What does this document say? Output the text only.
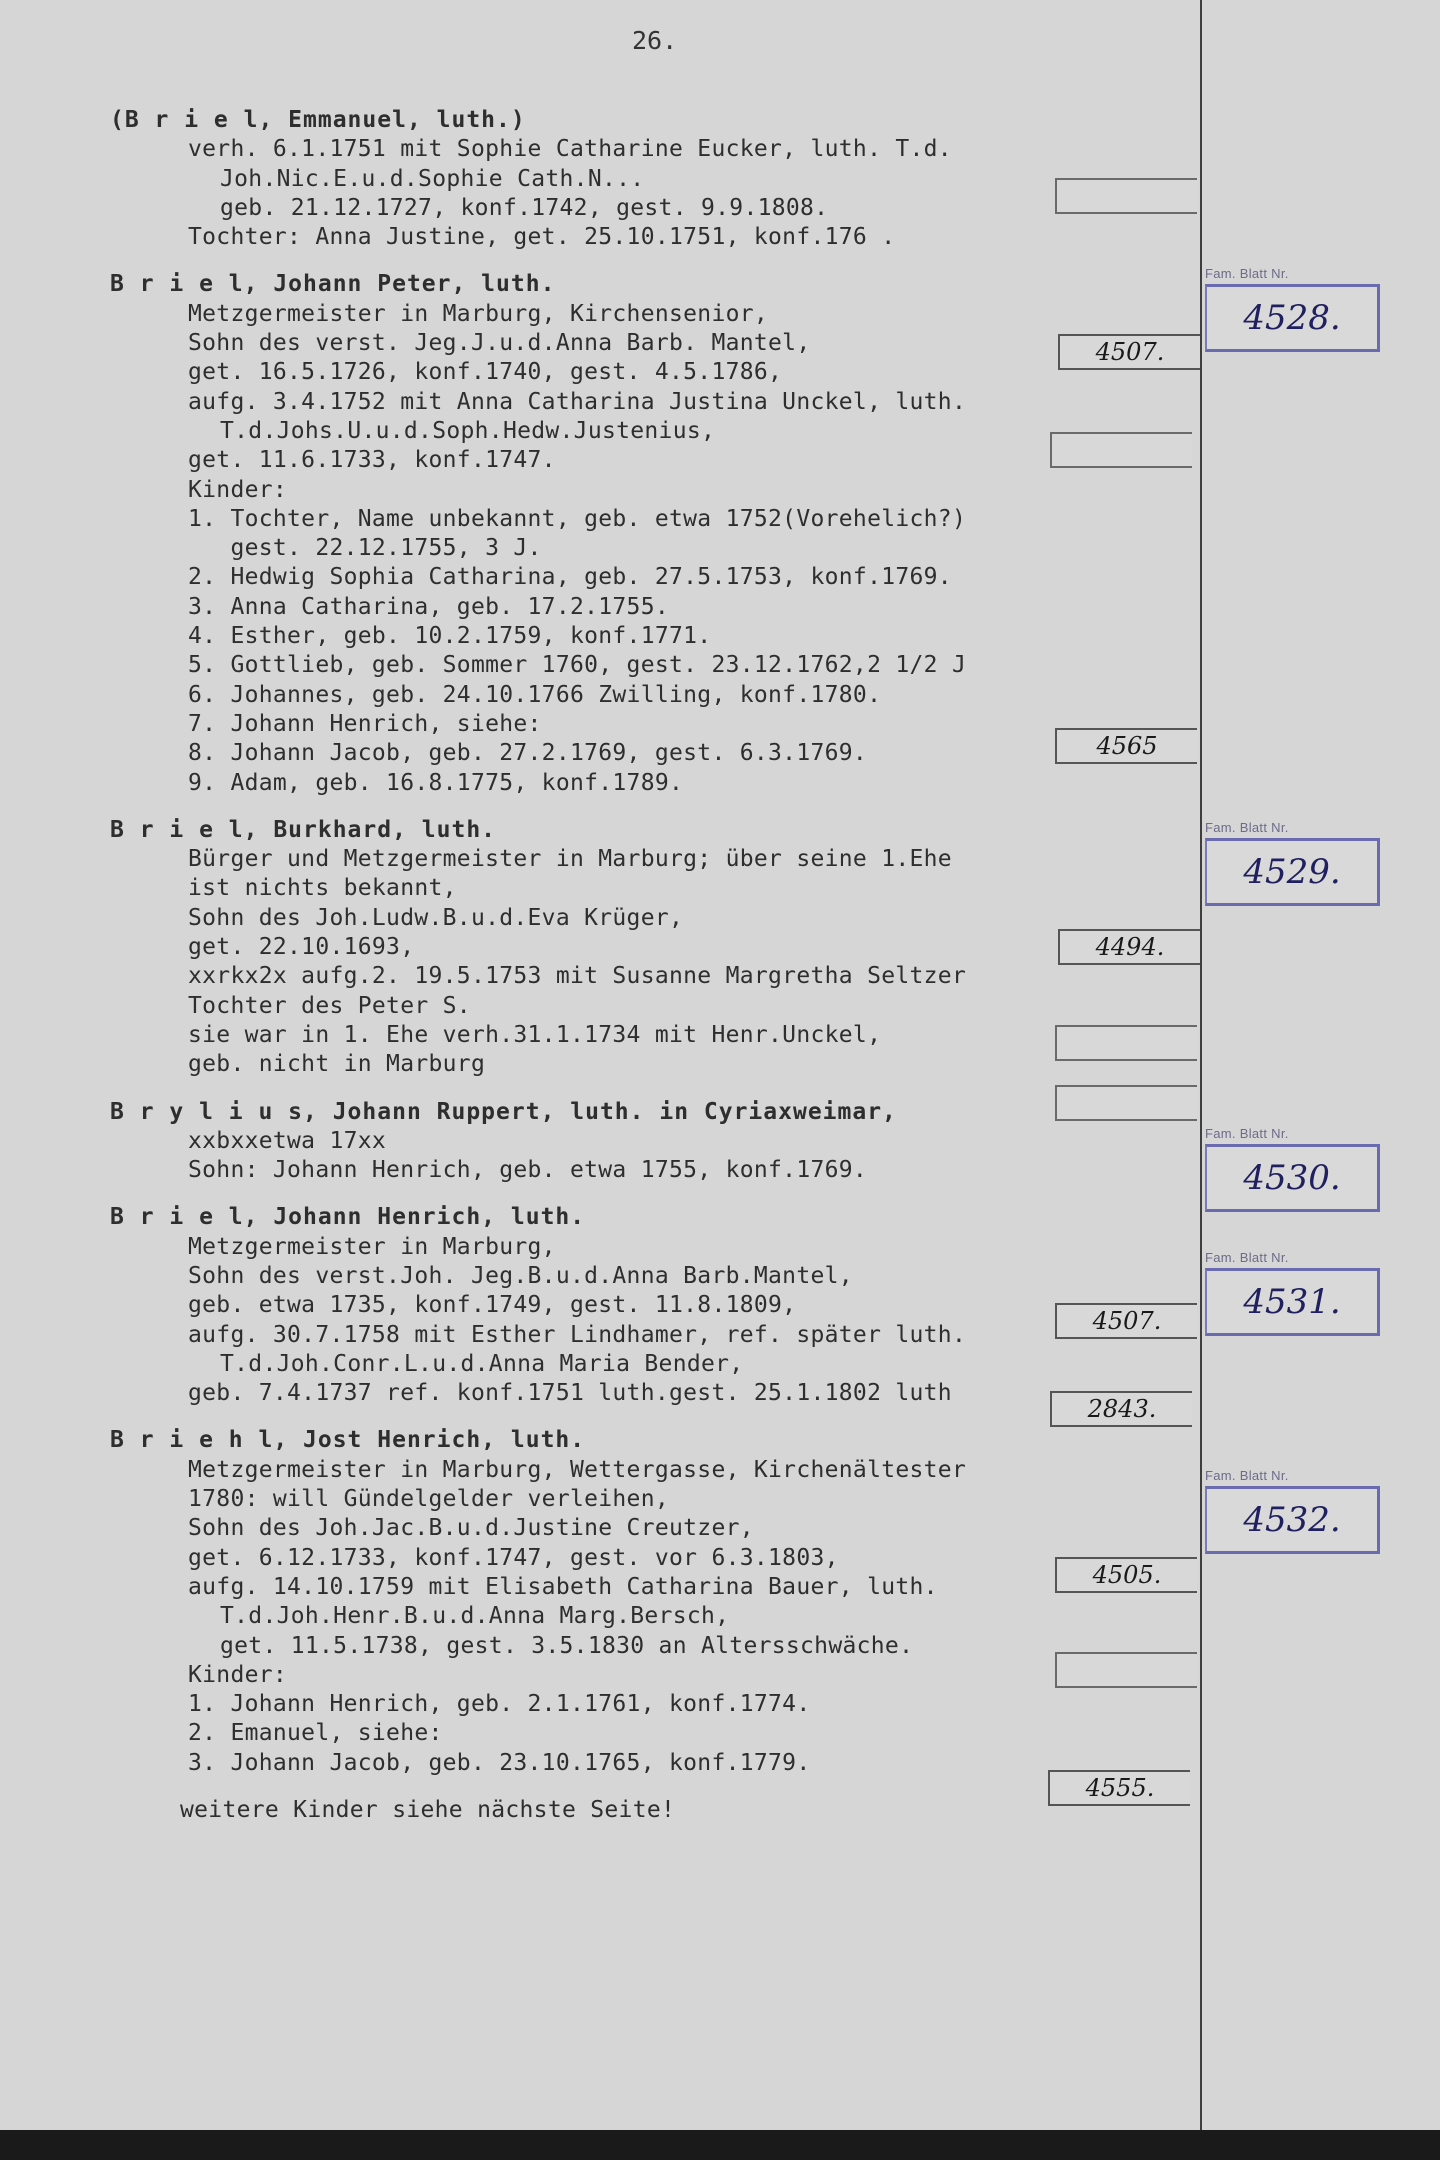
26.
(B r i e l, Emmanuel, luth.)
verh. 6.1.1751 mit Sophie Catharine Eucker, luth. T.d.
Joh.Nic.E.u.d.Sophie Cath.N...
geb. 21.12.1727, konf.1742, gest. 9.9.1808.
Tochter: Anna Justine, get. 25.10.1751, konf.176 .
B r i e l, Johann Peter, luth.
Metzgermeister in Marburg, Kirchensenior,
Sohn des verst. Jeg.J.u.d.Anna Barb. Mantel,
get. 16.5.1726, konf.1740, gest. 4.5.1786,
aufg. 3.4.1752 mit Anna Catharina Justina Unckel, luth.
T.d.Johs.U.u.d.Soph.Hedw.Justenius,
get. 11.6.1733, konf.1747.
Kinder:
1. Tochter, Name unbekannt, geb. etwa 1752(Vorehelich?)
gest. 22.12.1755, 3 J.
2. Hedwig Sophia Catharina, geb. 27.5.1753, konf.1769.
3. Anna Catharina, geb. 17.2.1755.
4. Esther, geb. 10.2.1759, konf.1771.
5. Gottlieb, geb. Sommer 1760, gest. 23.12.1762,2 1/2 J
6. Johannes, geb. 24.10.1766 Zwilling, konf.1780.
7. Johann Henrich, siehe:
8. Johann Jacob, geb. 27.2.1769, gest. 6.3.1769.
9. Adam, geb. 16.8.1775, konf.1789.
B r i e l, Burkhard, luth.
Bürger und Metzgermeister in Marburg; über seine 1.Ehe
ist nichts bekannt,
Sohn des Joh.Ludw.B.u.d.Eva Krüger,
get. 22.10.1693,
xxrkx2x aufg.2. 19.5.1753 mit Susanne Margretha Seltzer
Tochter des Peter S.
sie war in 1. Ehe verh.31.1.1734 mit Henr.Unckel,
geb. nicht in Marburg
B r y l i u s, Johann Ruppert, luth. in Cyriaxweimar,
xxbxxetwa 17xx
Sohn: Johann Henrich, geb. etwa 1755, konf.1769.
B r i e l, Johann Henrich, luth.
Metzgermeister in Marburg,
Sohn des verst.Joh. Jeg.B.u.d.Anna Barb.Mantel,
geb. etwa 1735, konf.1749, gest. 11.8.1809,
aufg. 30.7.1758 mit Esther Lindhamer, ref. später luth.
T.d.Joh.Conr.L.u.d.Anna Maria Bender,
geb. 7.4.1737 ref. konf.1751 luth.gest. 25.1.1802 luth
B r i e h l, Jost Henrich, luth.
Metzgermeister in Marburg, Wettergasse, Kirchenältester
1780: will Gündelgelder verleihen,
Sohn des Joh.Jac.B.u.d.Justine Creutzer,
get. 6.12.1733, konf.1747, gest. vor 6.3.1803,
aufg. 14.10.1759 mit Elisabeth Catharina Bauer, luth.
T.d.Joh.Henr.B.u.d.Anna Marg.Bersch,
get. 11.5.1738, gest. 3.5.1830 an Altersschwäche.
Kinder:
1. Johann Henrich, geb. 2.1.1761, konf.1774.
2. Emanuel, siehe:
3. Johann Jacob, geb. 23.10.1765, konf.1779.
weitere Kinder siehe nächste Seite!
4507.
4565
4494.
4507.
2843.
4505.
4555.
Fam. Blatt Nr.
4528.
Fam. Blatt Nr.
4529.
Fam. Blatt Nr.
4530.
Fam. Blatt Nr.
4531.
Fam. Blatt Nr.
4532.
